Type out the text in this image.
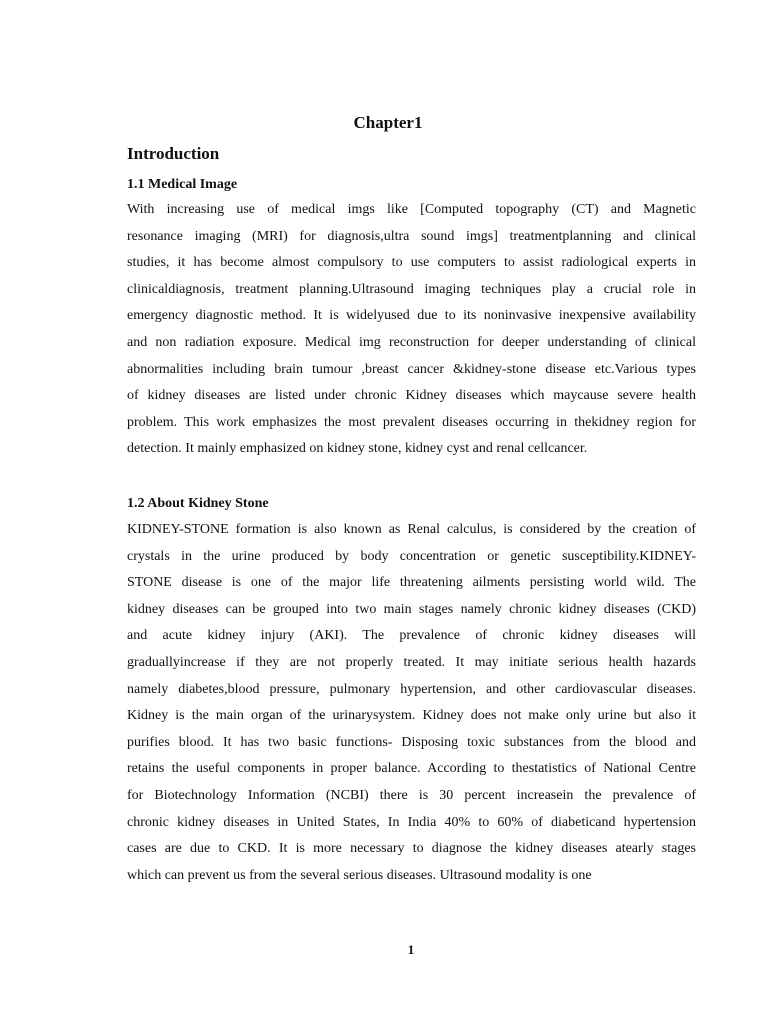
Chapter1
Introduction
1.1 Medical Image
With increasing use of medical imgs like [Computed topography (CT) and Magnetic
resonance imaging (MRI) for diagnosis,ultra sound imgs] treatmentplanning and clinical
studies, it has become almost compulsory to use computers to assist radiological experts in
clinicaldiagnosis, treatment planning.Ultrasound imaging techniques play a crucial role in
emergency diagnostic method. It is widelyused due to its noninvasive inexpensive availability
and non radiation exposure. Medical img reconstruction for deeper understanding of clinical
abnormalities including brain tumour ,breast cancer &kidney-stone disease etc.Various types
of kidney diseases are listed under chronic Kidney diseases which maycause severe health
problem. This work emphasizes the most prevalent diseases occurring in thekidney region for
detection. It mainly emphasized on kidney stone, kidney cyst and renal cellcancer.
1.2 About Kidney Stone
KIDNEY-STONE formation is also known as Renal calculus, is considered by the creation of
crystals in the urine produced by body concentration or genetic susceptibility.KIDNEY-
STONE disease is one of the major life threatening ailments persisting world wild. The
kidney diseases can be grouped into two main stages namely chronic kidney diseases (CKD)
and acute kidney injury (AKI). The prevalence of chronic kidney diseases will
graduallyincrease if they are not properly treated. It may initiate serious health hazards
namely diabetes,blood pressure, pulmonary hypertension, and other cardiovascular diseases.
Kidney is the main organ of the urinarysystem. Kidney does not make only urine but also it
purifies blood. It has two basic functions- Disposing toxic substances from the blood and
retains the useful components in proper balance. According to thestatistics of National Centre
for Biotechnology Information (NCBI) there is 30 percent increasein the prevalence of
chronic kidney diseases in United States, In India 40% to 60% of diabeticand hypertension
cases are due to CKD. It is more necessary to diagnose the kidney diseases atearly stages
which can prevent us from the several serious diseases. Ultrasound modality is one
1
